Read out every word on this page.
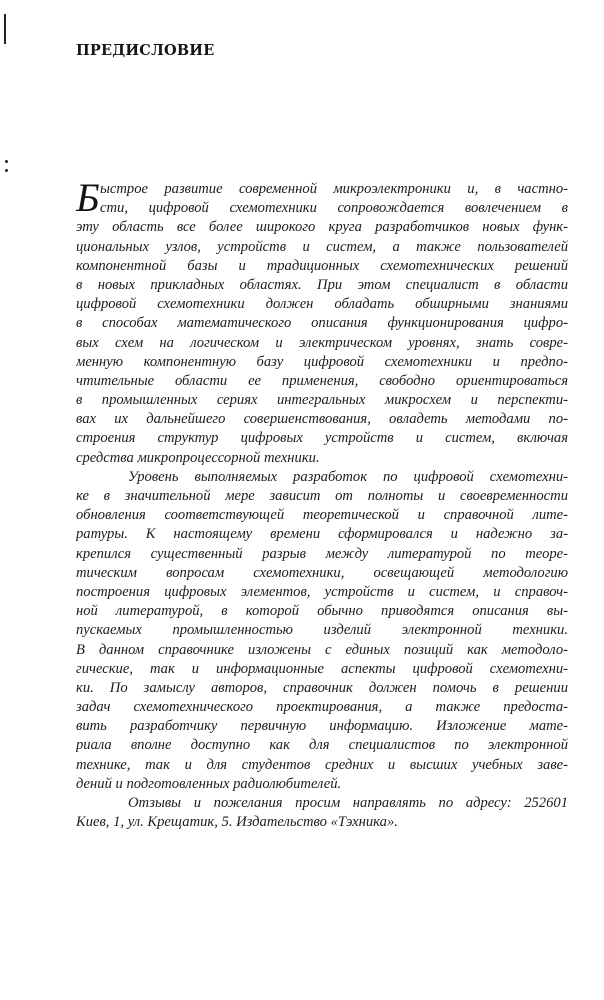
ПРЕДИСЛОВИЕ
Б ыстрое развитие современной микроэлектроники и, в частно-
сти, цифровой схемотехники сопровождается вовлечением в
эту область все более широкого круга разработчиков новых функ-
циональных узлов, устройств и систем, а также пользователей
компонентной базы и традиционных схемотехнических решений
в новых прикладных областях. При этом специалист в области
цифровой схемотехники должен обладать обширными знаниями
в способах математического описания функционирования цифро-
вых схем на логическом и электрическом уровнях, знать совре-
менную компонентную базу цифровой схемотехники и предпо-
чтительные области ее применения, свободно ориентироваться
в промышленных сериях интегральных микросхем и перспекти-
вах их дальнейшего совершенствования, овладеть методами по-
строения структур цифровых устройств и систем, включая
средства микропроцессорной техники.
Уровень выполняемых разработок по цифровой схемотехни-
ке в значительной мере зависит от полноты и своевременности
обновления соответствующей теоретической и справочной лите-
ратуры. К настоящему времени сформировался и надежно за-
крепился существенный разрыв между литературой по теоре-
тическим вопросам схемотехники, освещающей методологию
построения цифровых элементов, устройств и систем, и справоч-
ной литературой, в которой обычно приводятся описания вы-
пускаемых промышленностью изделий электронной техники.
В данном справочнике изложены с единых позиций как методоло-
гические, так и информационные аспекты цифровой схемотехни-
ки. По замыслу авторов, справочник должен помочь в решении
задач схемотехнического проектирования, а также предоста-
вить разработчику первичную информацию. Изложение мате-
риала вполне доступно как для специалистов по электронной
технике, так и для студентов средних и высших учебных заве-
дений и подготовленных радиолюбителей.
Отзывы и пожелания просим направлять по адресу: 252601
Киев, 1, ул. Крещатик, 5. Издательство «Тэхника».
